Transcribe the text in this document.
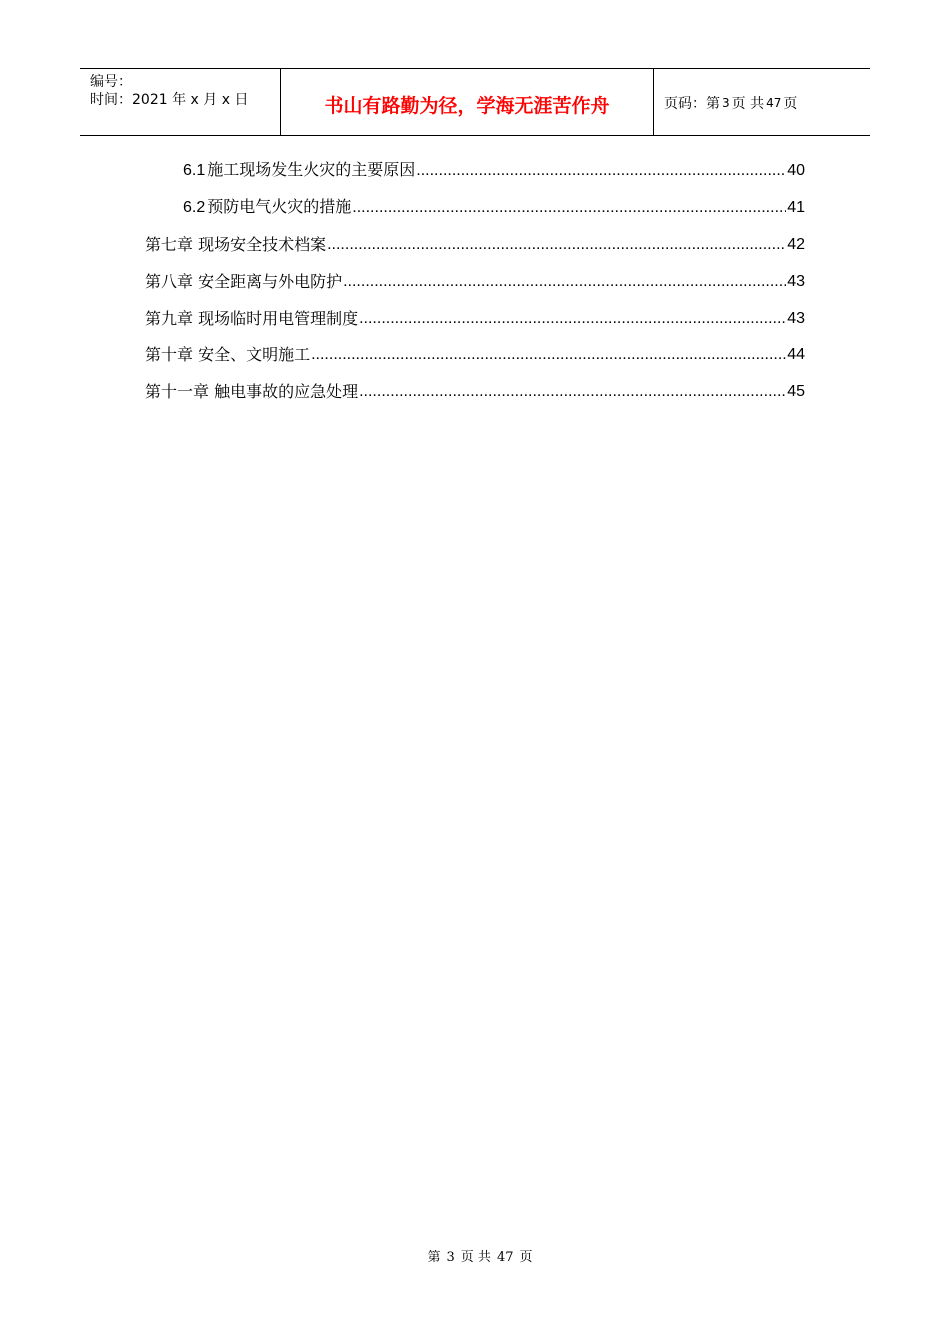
编号：
时间：2021 年 x 月 x 日	书山有路勤为径，学海无涯苦作舟	页码：第 3 页 共 47 页
6.1 施工现场发生火灾的主要原因 .....	40
6.2 预防电气火灾的措施 .....	41
第七章 现场安全技术档案 .....	42
第八章 安全距离与外电防护 .....	43
第九章 现场临时用电管理制度 .....	43
第十章 安全、文明施工 .....	44
第十一章 触电事故的应急处理 .....	45
第 3 页 共 47 页
